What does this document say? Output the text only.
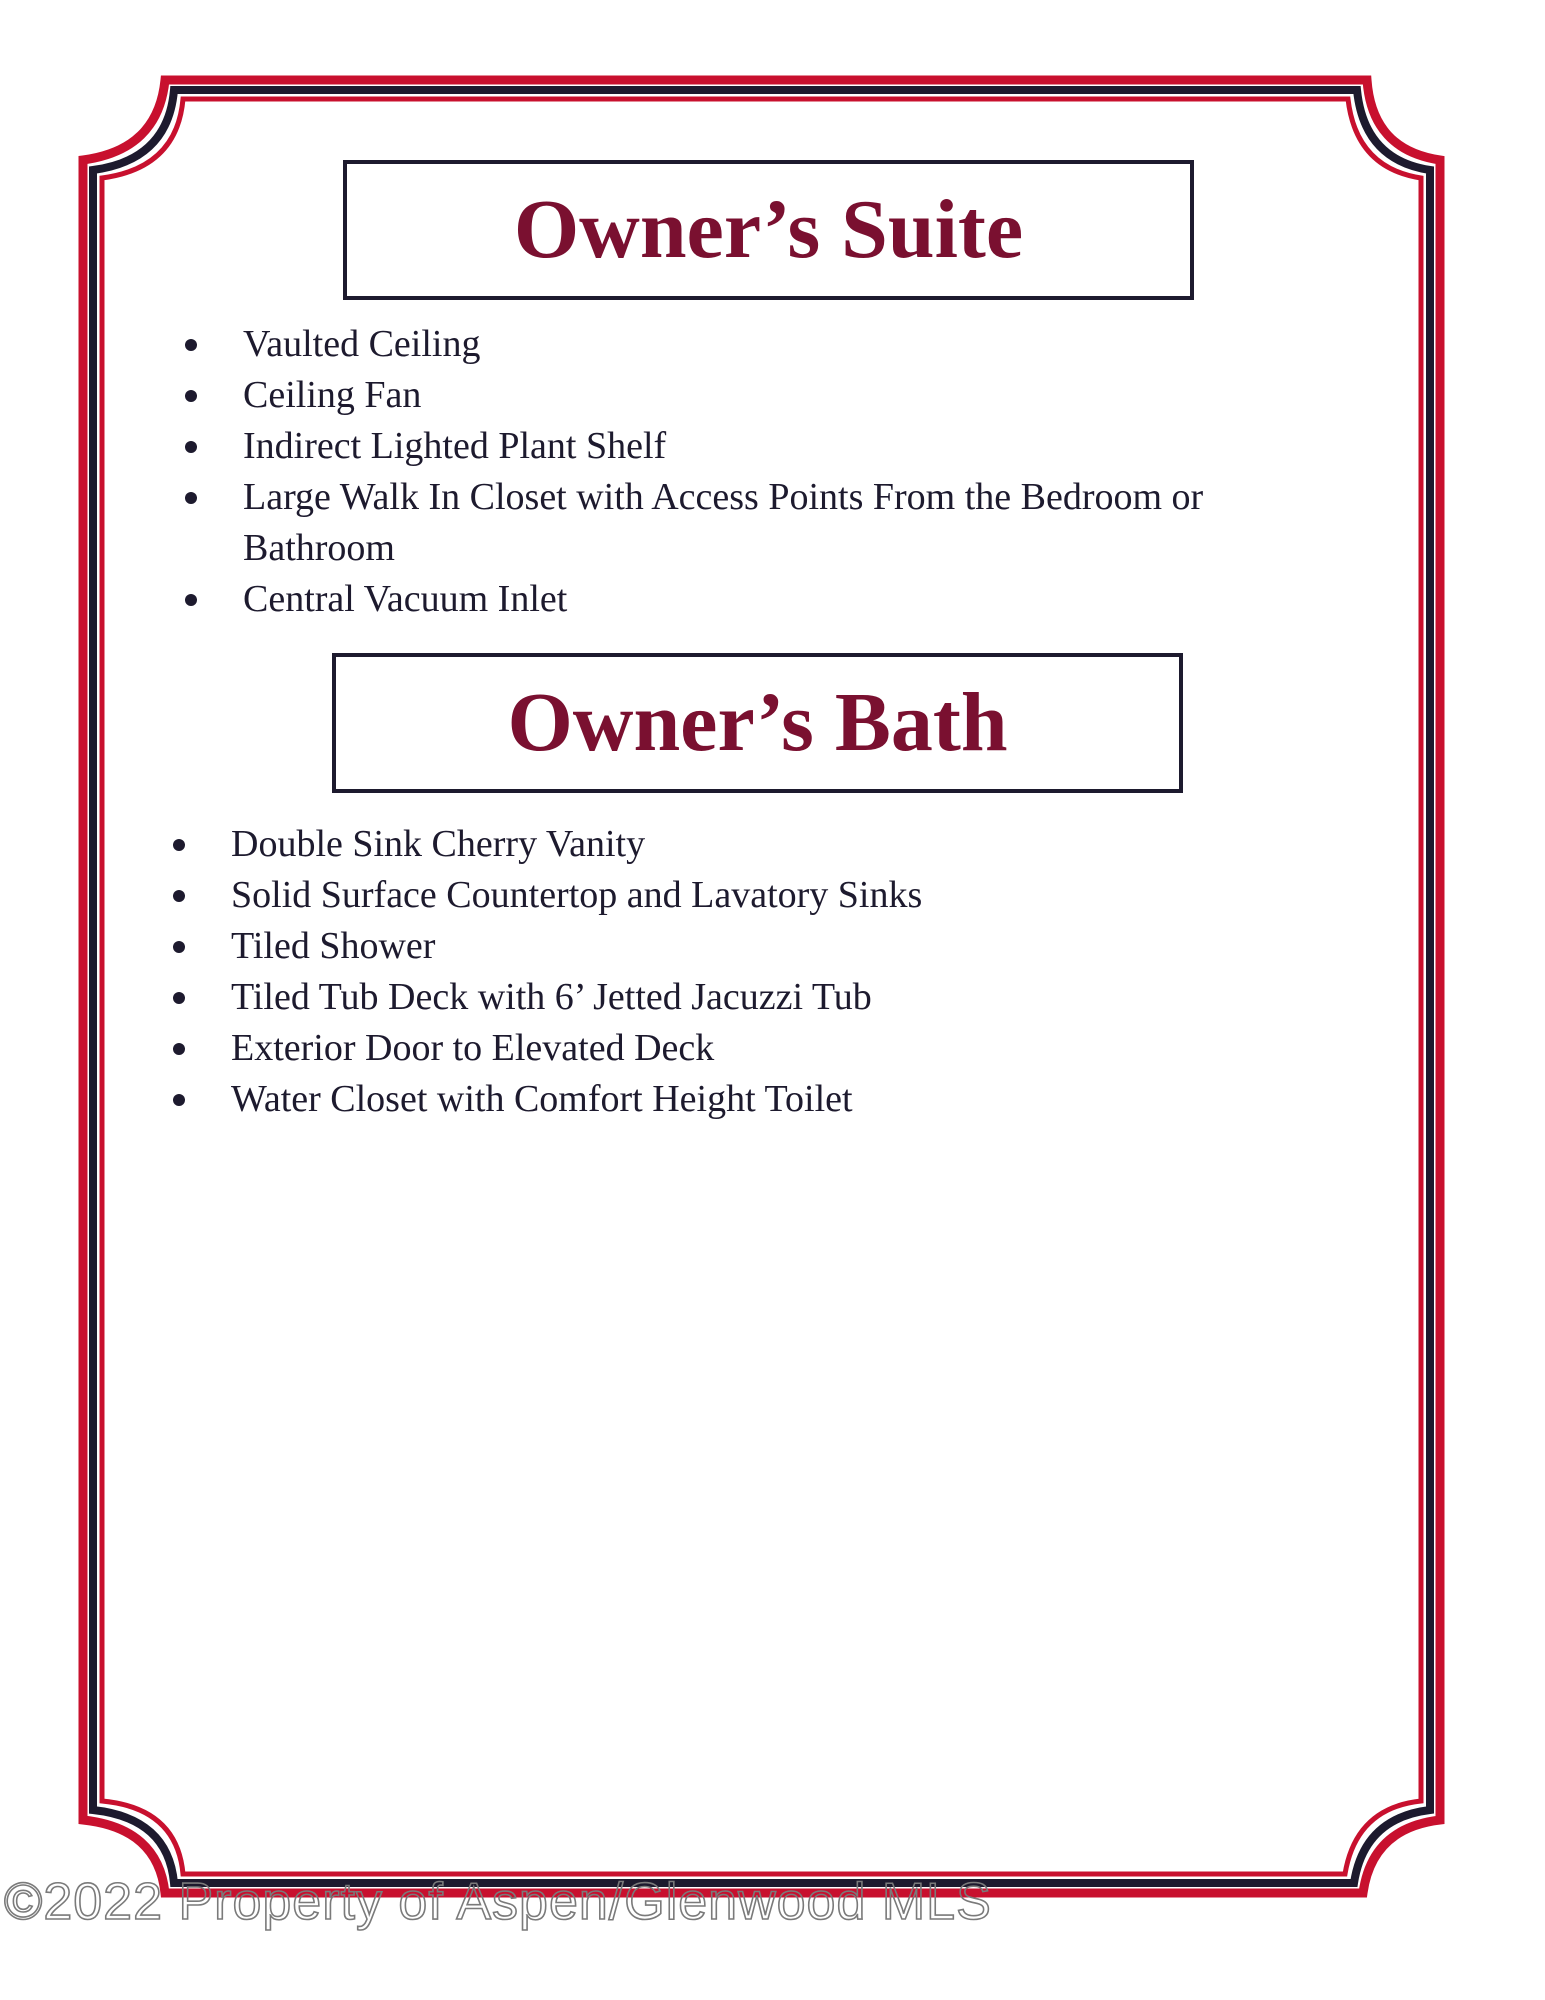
Owner’s Suite
Vaulted Ceiling
Ceiling Fan
Indirect Lighted Plant Shelf
Large Walk In Closet with Access Points From the Bedroom or Bathroom
Central Vacuum Inlet
Owner’s Bath
Double Sink Cherry Vanity
Solid Surface Countertop and Lavatory Sinks
Tiled Shower
Tiled Tub Deck with 6’ Jetted Jacuzzi Tub
Exterior Door to Elevated Deck
Water Closet with Comfort Height Toilet
©2022 Property of Aspen/Glenwood MLS
